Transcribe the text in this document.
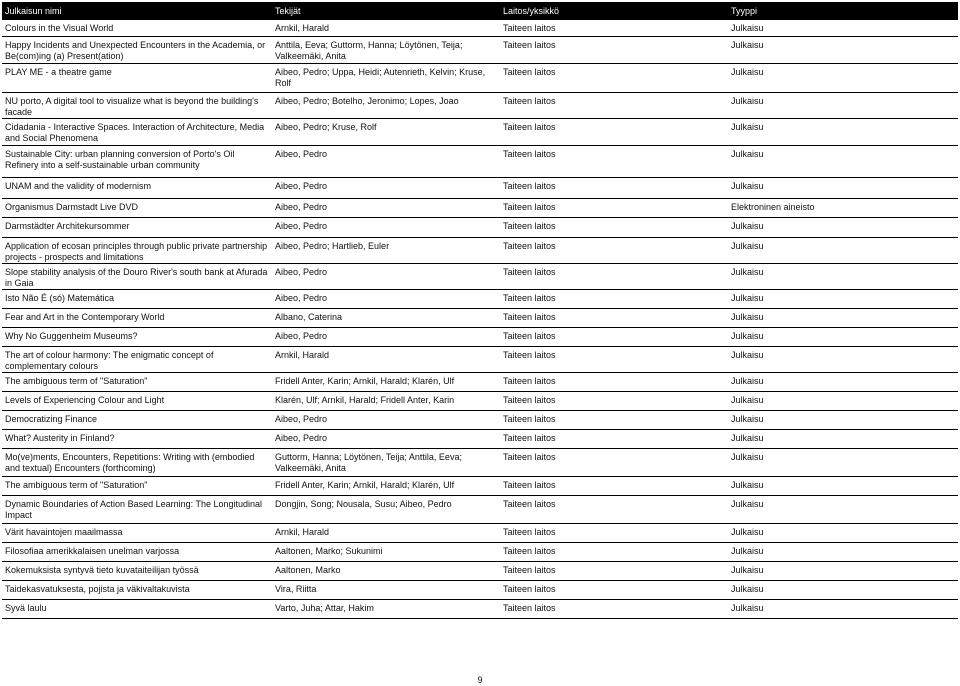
Julkaisun nimi	Tekijät	Laitos/yksikkö	Tyyppi
Colours in the Visual World	Arnkil, Harald	Taiteen laitos	Julkaisu
Happy Incidents and Unexpected Encounters in the Academia, or Be(com)ing (a) Present(ation)	Anttila, Eeva; Guttorm, Hanna; Löytönen, Teija; Valkeemäki, Anita	Taiteen laitos	Julkaisu
PLAY ME - a theatre game	Aibeo, Pedro; Uppa, Heidi; Autenrieth, Kelvin; Kruse, Rolf	Taiteen laitos	Julkaisu
NU porto, A digital tool to visualize what is beyond the building's facade	Aibeo, Pedro; Botelho, Jeronimo; Lopes, Joao	Taiteen laitos	Julkaisu
Cidadania - Interactive Spaces. Interaction of Architecture, Media and Social Phenomena	Aibeo, Pedro; Kruse, Rolf	Taiteen laitos	Julkaisu
Sustainable City: urban planning conversion of Porto's Oil Refinery into a self-sustainable urban community	Aibeo, Pedro	Taiteen laitos	Julkaisu
UNAM and the validity of modernism	Aibeo, Pedro	Taiteen laitos	Julkaisu
Organismus Darmstadt Live DVD	Aibeo, Pedro	Taiteen laitos	Elektroninen aineisto
Darmstädter Architekursommer	Aibeo, Pedro	Taiteen laitos	Julkaisu
Application of ecosan principles through public private partnership projects - prospects and limitations	Aibeo, Pedro; Hartlieb, Euler	Taiteen laitos	Julkaisu
Slope stability analysis of the Douro River's south bank at Afurada in Gaia	Aibeo, Pedro	Taiteen laitos	Julkaisu
Isto Não É (só) Matemática	Aibeo, Pedro	Taiteen laitos	Julkaisu
Fear and Art in the Contemporary World	Albano, Caterina	Taiteen laitos	Julkaisu
Why No Guggenheim Museums?	Aibeo, Pedro	Taiteen laitos	Julkaisu
The art of colour harmony: The enigmatic concept of complementary colours	Arnkil, Harald	Taiteen laitos	Julkaisu
The ambiguous term of "Saturation"	Fridell Anter, Karin; Arnkil, Harald; Klarén, Ulf	Taiteen laitos	Julkaisu
Levels of Experiencing Colour and Light	Klarén, Ulf; Arnkil, Harald; Fridell Anter, Karin	Taiteen laitos	Julkaisu
Democratizing Finance	Aibeo, Pedro	Taiteen laitos	Julkaisu
What? Austerity in Finland?	Aibeo, Pedro	Taiteen laitos	Julkaisu
Mo(ve)ments, Encounters, Repetitions: Writing with (embodied and textual) Encounters (forthcoming)	Guttorm, Hanna; Löytönen, Teija; Anttila, Eeva; Valkeemäki, Anita	Taiteen laitos	Julkaisu
The ambiguous term of "Saturation"	Fridell Anter, Karin; Arnkil, Harald; Klarén, Ulf	Taiteen laitos	Julkaisu
Dynamic Boundaries of Action Based Learning: The Longitudinal Impact	Dongjin, Song; Nousala, Susu; Aibeo, Pedro	Taiteen laitos	Julkaisu
Värit havaintojen maailmassa	Arnkil, Harald	Taiteen laitos	Julkaisu
Filosofiaa amerikkalaisen unelman varjossa	Aaltonen, Marko; Sukunimi	Taiteen laitos	Julkaisu
Kokemuksista syntyvä tieto kuvataiteilijan työssä	Aaltonen, Marko	Taiteen laitos	Julkaisu
Taidekasvatuksesta, pojista ja väkivaltakuvista	Vira, Riitta	Taiteen laitos	Julkaisu
Syvä laulu	Varto, Juha; Attar, Hakim	Taiteen laitos	Julkaisu
9
